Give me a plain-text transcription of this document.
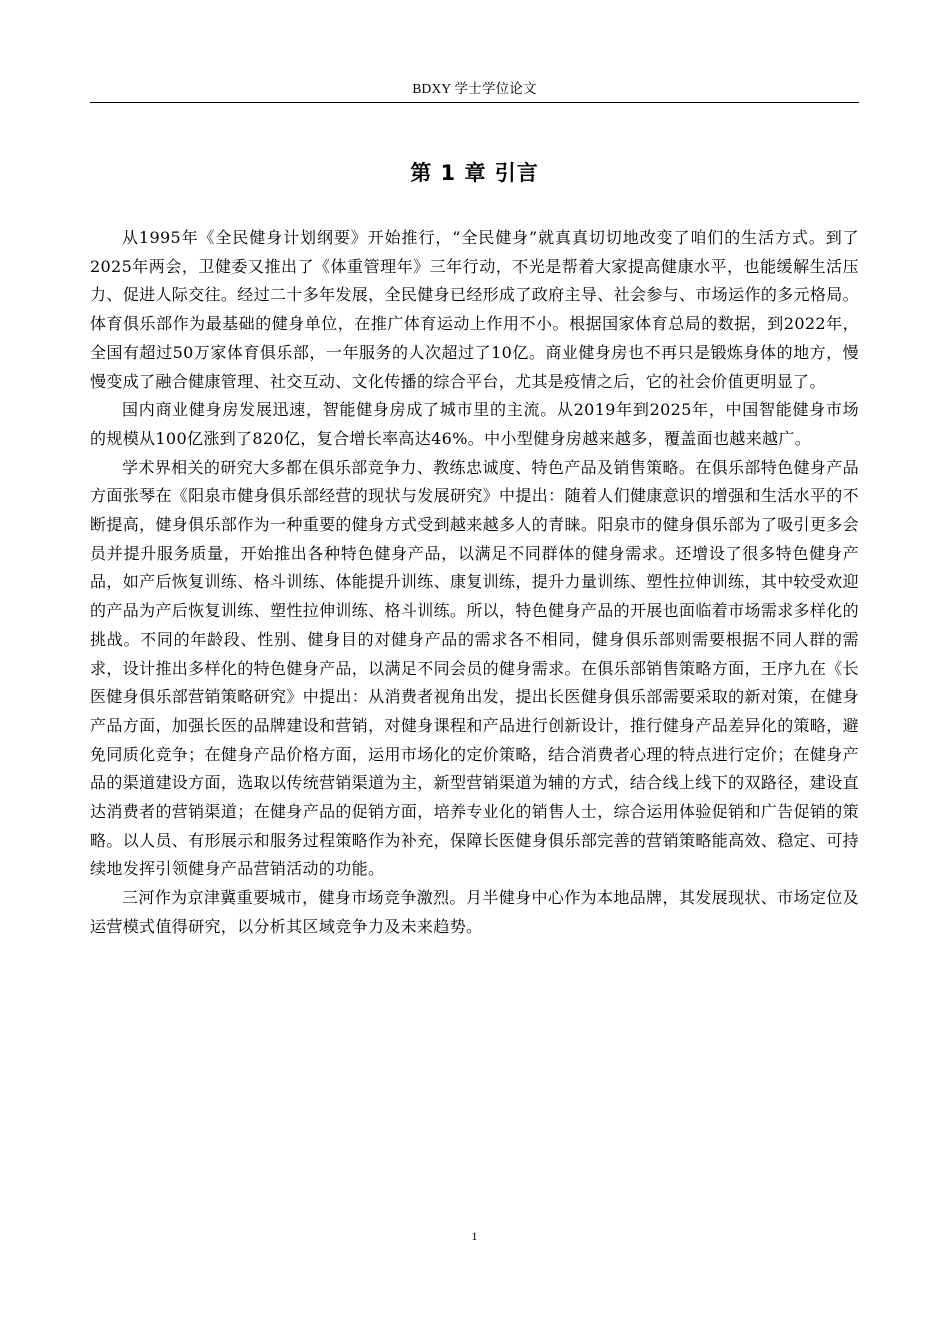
BDXY 学士学位论文
第 1 章 引言

从1995年《全民健身计划纲要》开始推行，“全民健身”就真真切切地改变了咱们的生活方式。到了2025年两会，卫健委又推出了《体重管理年》三年行动，不光是帮着大家提高健康水平，也能缓解生活压力、促进人际交往。经过二十多年发展，全民健身已经形成了政府主导、社会参与、市场运作的多元格局。体育俱乐部作为最基础的健身单位，在推广体育运动上作用不小。根据国家体育总局的数据，到2022年，全国有超过50万家体育俱乐部，一年服务的人次超过了10亿。商业健身房也不再只是锻炼身体的地方，慢慢变成了融合健康管理、社交互动、文化传播的综合平台，尤其是疫情之后，它的社会价值更明显了。

国内商业健身房发展迅速，智能健身房成了城市里的主流。从2019年到2025年，中国智能健身市场的规模从100亿涨到了820亿，复合增长率高达46%。中小型健身房越来越多，覆盖面也越来越广。

学术界相关的研究大多都在俱乐部竞争力、教练忠诚度、特色产品及销售策略。在俱乐部特色健身产品方面张琴在《阳泉市健身俱乐部经营的现状与发展研究》中提出：随着人们健康意识的增强和生活水平的不断提高，健身俱乐部作为一种重要的健身方式受到越来越多人的青睐。阳泉市的健身俱乐部为了吸引更多会员并提升服务质量，开始推出各种特色健身产品，以满足不同群体的健身需求。还增设了很多特色健身产品，如产后恢复训练、格斗训练、体能提升训练、康复训练，提升力量训练、塑性拉伸训练，其中较受欢迎的产品为产后恢复训练、塑性拉伸训练、格斗训练。所以，特色健身产品的开展也面临着市场需求多样化的挑战。不同的年龄段、性别、健身目的对健身产品的需求各不相同，健身俱乐部则需要根据不同人群的需求，设计推出多样化的特色健身产品，以满足不同会员的健身需求。在俱乐部销售策略方面，王序九在《长医健身俱乐部营销策略研究》中提出：从消费者视角出发，提出长医健身俱乐部需要采取的新对策，在健身产品方面，加强长医的品牌建设和营销，对健身课程和产品进行创新设计，推行健身产品差异化的策略，避免同质化竞争；在健身产品价格方面，运用市场化的定价策略，结合消费者心理的特点进行定价；在健身产品的渠道建设方面，选取以传统营销渠道为主，新型营销渠道为辅的方式，结合线上线下的双路径，建设直达消费者的营销渠道；在健身产品的促销方面，培养专业化的销售人士，综合运用体验促销和广告促销的策略。以人员、有形展示和服务过程策略作为补充，保障长医健身俱乐部完善的营销策略能高效、稳定、可持续地发挥引领健身产品营销活动的功能。

三河作为京津冀重要城市，健身市场竞争激烈。月半健身中心作为本地品牌，其发展现状、市场定位及运营模式值得研究，以分析其区域竞争力及未来趋势。

1
